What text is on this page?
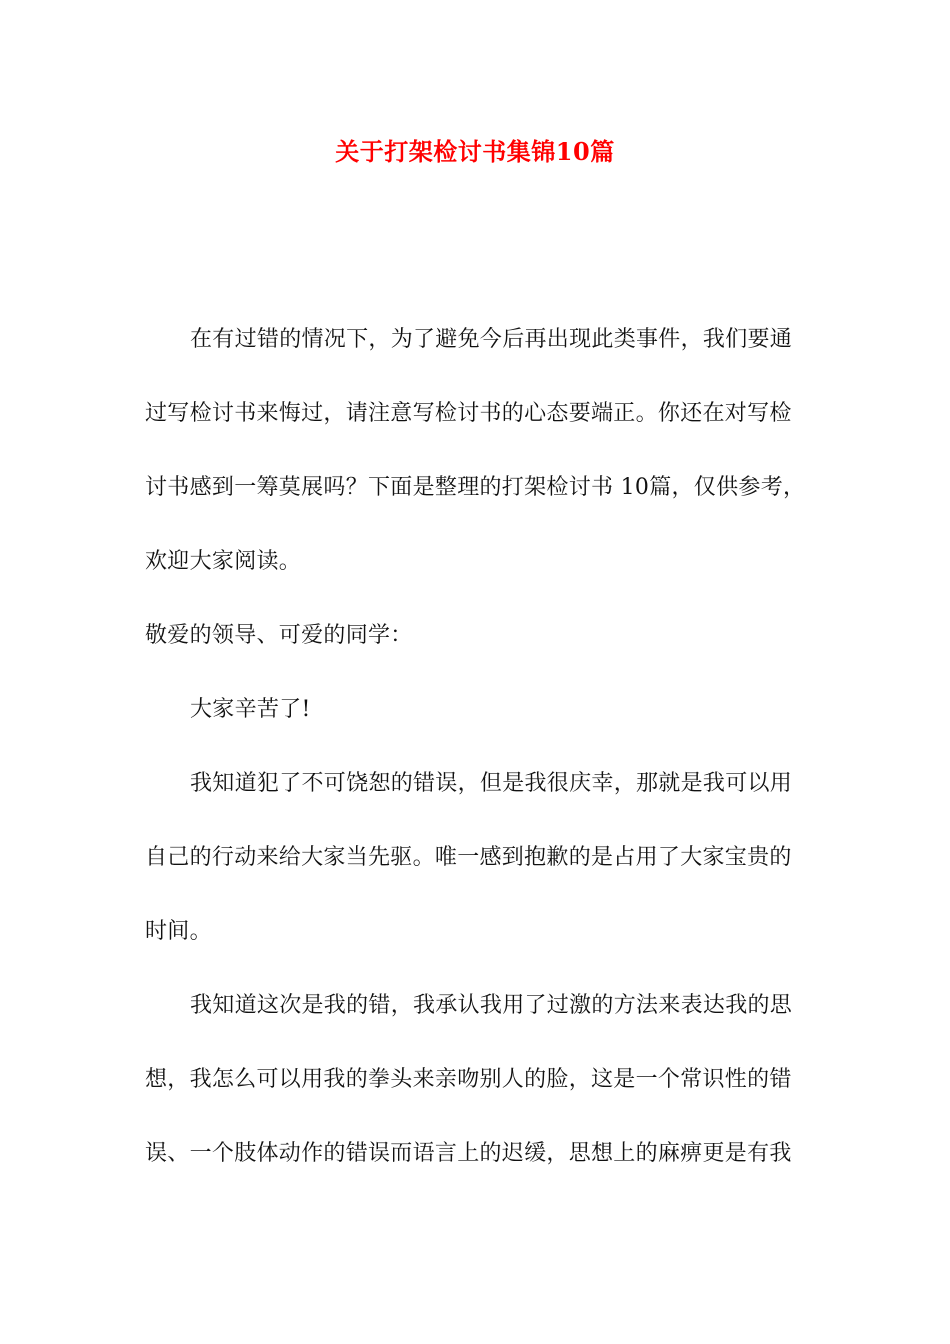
关于打架检讨书集锦10篇
在有过错的情况下，为了避免今后再出现此类事件，我们要通
过写检讨书来悔过，请注意写检讨书的心态要端正。你还在对写检
讨书感到一筹莫展吗？下面是整理的打架检讨书 10篇，仅供参考，
欢迎大家阅读。
敬爱的领导、可爱的同学：
大家辛苦了!
我知道犯了不可饶恕的错误，但是我很庆幸，那就是我可以用
自己的行动来给大家当先驱。唯一感到抱歉的是占用了大家宝贵的
时间。
我知道这次是我的错，我承认我用了过激的方法来表达我的思
想，我怎么可以用我的拳头来亲吻别人的脸，这是一个常识性的错
误、一个肢体动作的错误而语言上的迟缓，思想上的麻痹更是有我
